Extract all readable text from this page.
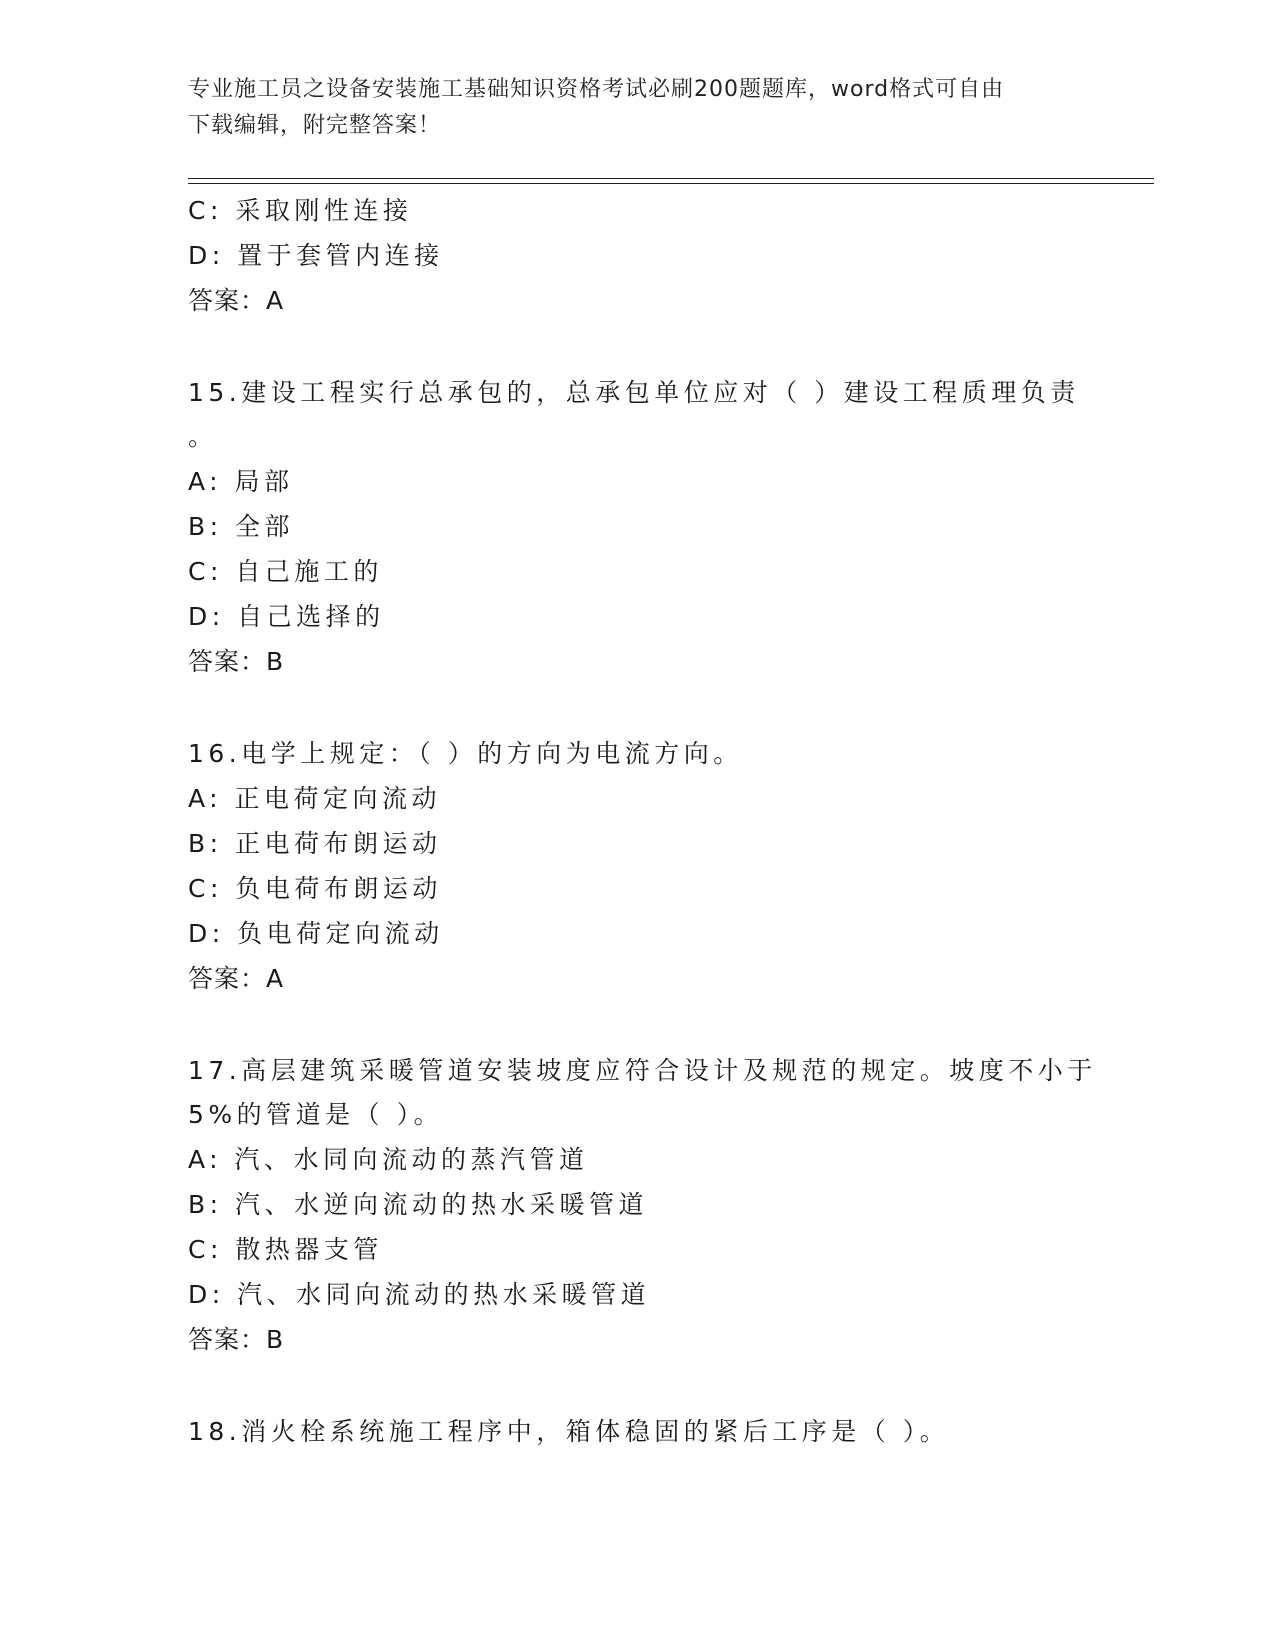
专业施工员之设备安装施工基础知识资格考试必刷200题题库，word格式可自由
下载编辑，附完整答案！
C: 采取刚性连接
D: 置于套管内连接
答案：A
15.建设工程实行总承包的，总承包单位应对（ ）建设工程质理负责
。
A: 局部
B: 全部
C: 自己施工的
D: 自己选择的
答案：B
16.电学上规定：（ ）的方向为电流方向。
A: 正电荷定向流动
B: 正电荷布朗运动
C: 负电荷布朗运动
D: 负电荷定向流动
答案：A
17.高层建筑采暖管道安装坡度应符合设计及规范的规定。坡度不小于
5%的管道是（ ）。
A: 汽、水同向流动的蒸汽管道
B: 汽、水逆向流动的热水采暖管道
C: 散热器支管
D: 汽、水同向流动的热水采暖管道
答案：B
18.消火栓系统施工程序中，箱体稳固的紧后工序是（ ）。
